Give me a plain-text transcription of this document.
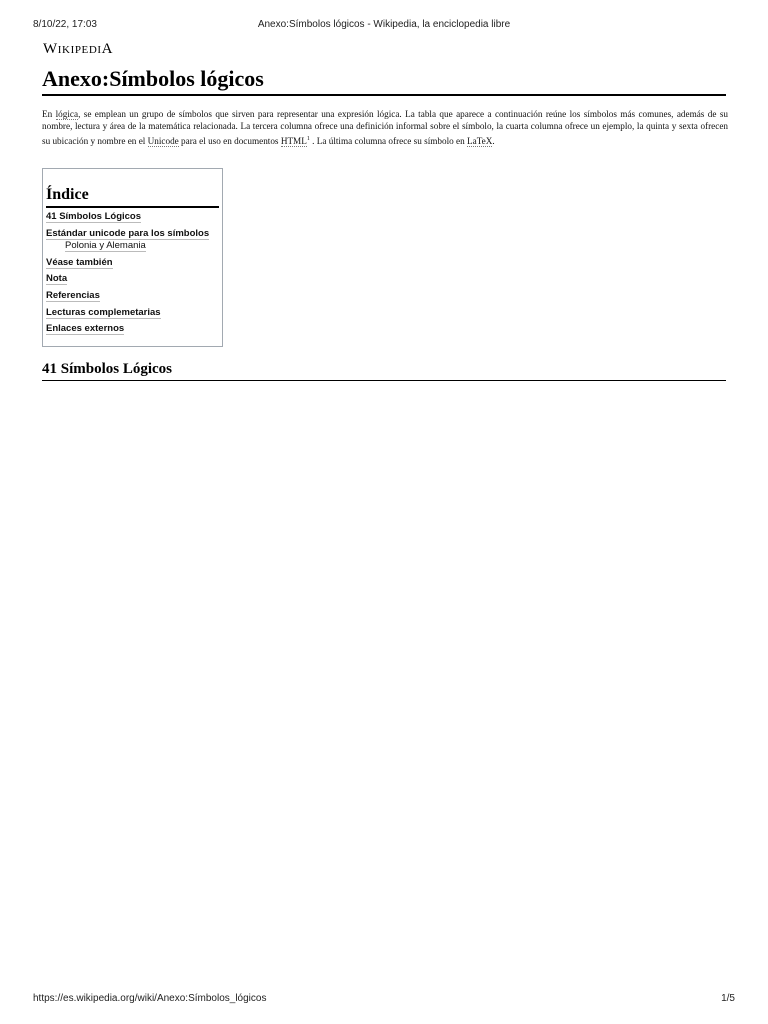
8/10/22, 17:03	Anexo:Símbolos lógicos - Wikipedia, la enciclopedia libre
WikipediA
Anexo:Símbolos lógicos

En lógica, se emplean un grupo de símbolos que sirven para representar una expresión lógica. La tabla que aparece a continuación reúne los símbolos más comunes, además de su nombre, lectura y área de la matemática relacionada. La tercera columna ofrece una definición informal sobre el símbolo, la cuarta columna ofrece un ejemplo, la quinta y sexta ofrecen su ubicación y nombre en el Unicode para el uso en documentos HTML$^1$ . La última columna ofrece su símbolo en LaTeX.

Índice
41 Símbolos Lógicos
Estándar unicode para los símbolos
Polonia y Alemania
Véase también
Nota
Referencias
Lecturas complemetarias
Enlaces externos
41 Símbolos Lógicos
https://es.wikipedia.org/wiki/Anexo:Símbolos_lógicos	1/5
